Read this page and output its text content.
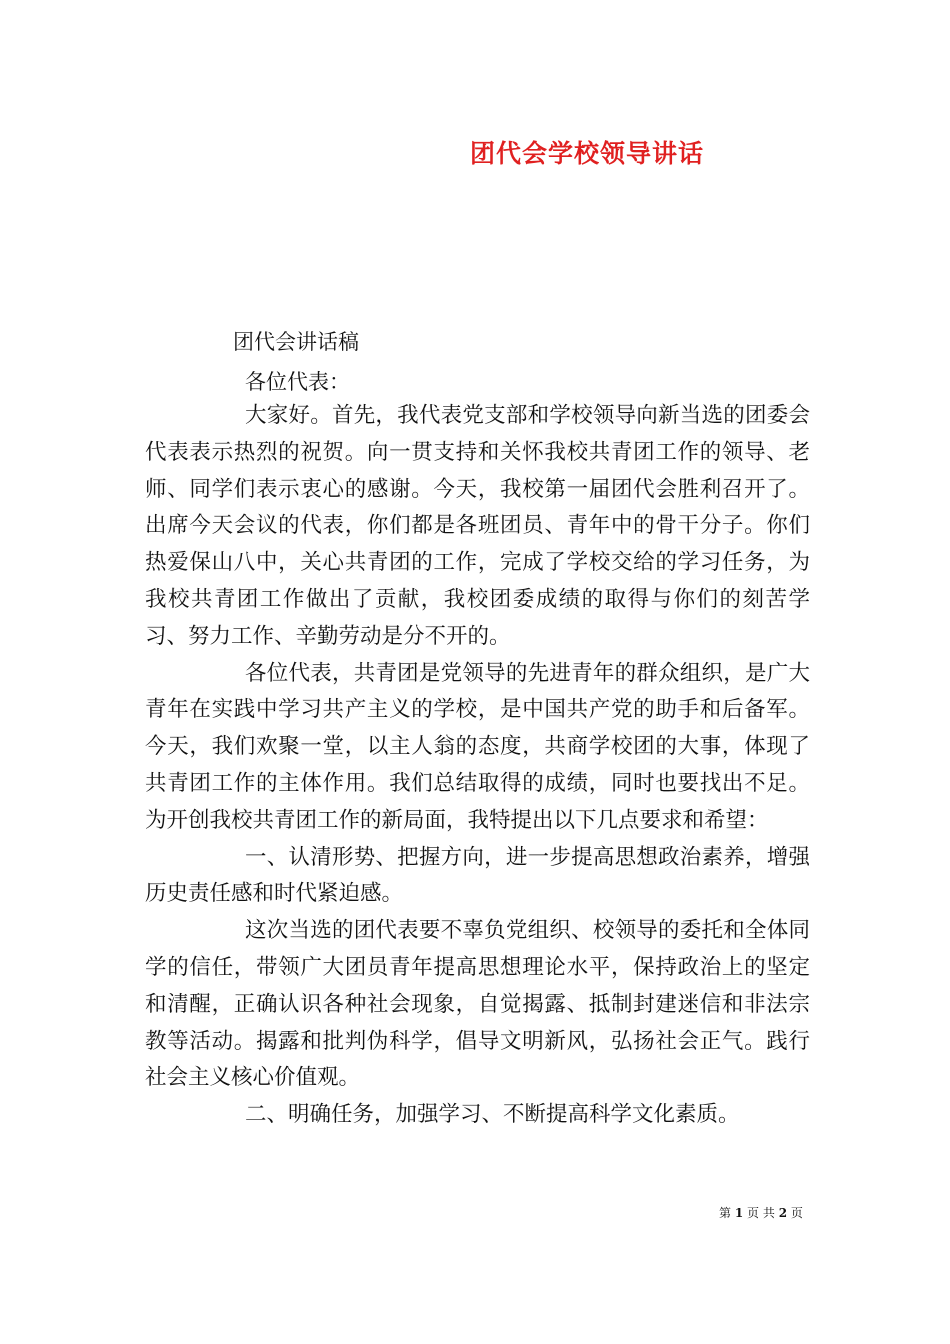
团代会学校领导讲话
团代会讲话稿
各位代表：

大家好。首先，我代表党支部和学校领导向新当选的团委会代表表示热烈的祝贺。向一贯支持和关怀我校共青团工作的领导、老师、同学们表示衷心的感谢。今天，我校第一届团代会胜利召开了。出席今天会议的代表，你们都是各班团员、青年中的骨干分子。你们热爱保山八中，关心共青团的工作，完成了学校交给的学习任务，为我校共青团工作做出了贡献，我校团委成绩的取得与你们的刻苦学习、努力工作、辛勤劳动是分不开的。

各位代表，共青团是党领导的先进青年的群众组织，是广大青年在实践中学习共产主义的学校，是中国共产党的助手和后备军。今天，我们欢聚一堂，以主人翁的态度，共商学校团的大事，体现了共青团工作的主体作用。我们总结取得的成绩，同时也要找出不足。为开创我校共青团工作的新局面，我特提出以下几点要求和希望：

一、认清形势、把握方向，进一步提高思想政治素养，增强历史责任感和时代紧迫感。

这次当选的团代表要不辜负党组织、校领导的委托和全体同学的信任，带领广大团员青年提高思想理论水平，保持政治上的坚定和清醒，正确认识各种社会现象，自觉揭露、抵制封建迷信和非法宗教等活动。揭露和批判伪科学，倡导文明新风，弘扬社会正气。践行社会主义核心价值观。

二、明确任务，加强学习、不断提高科学文化素质。

第 1 页 共 2 页
